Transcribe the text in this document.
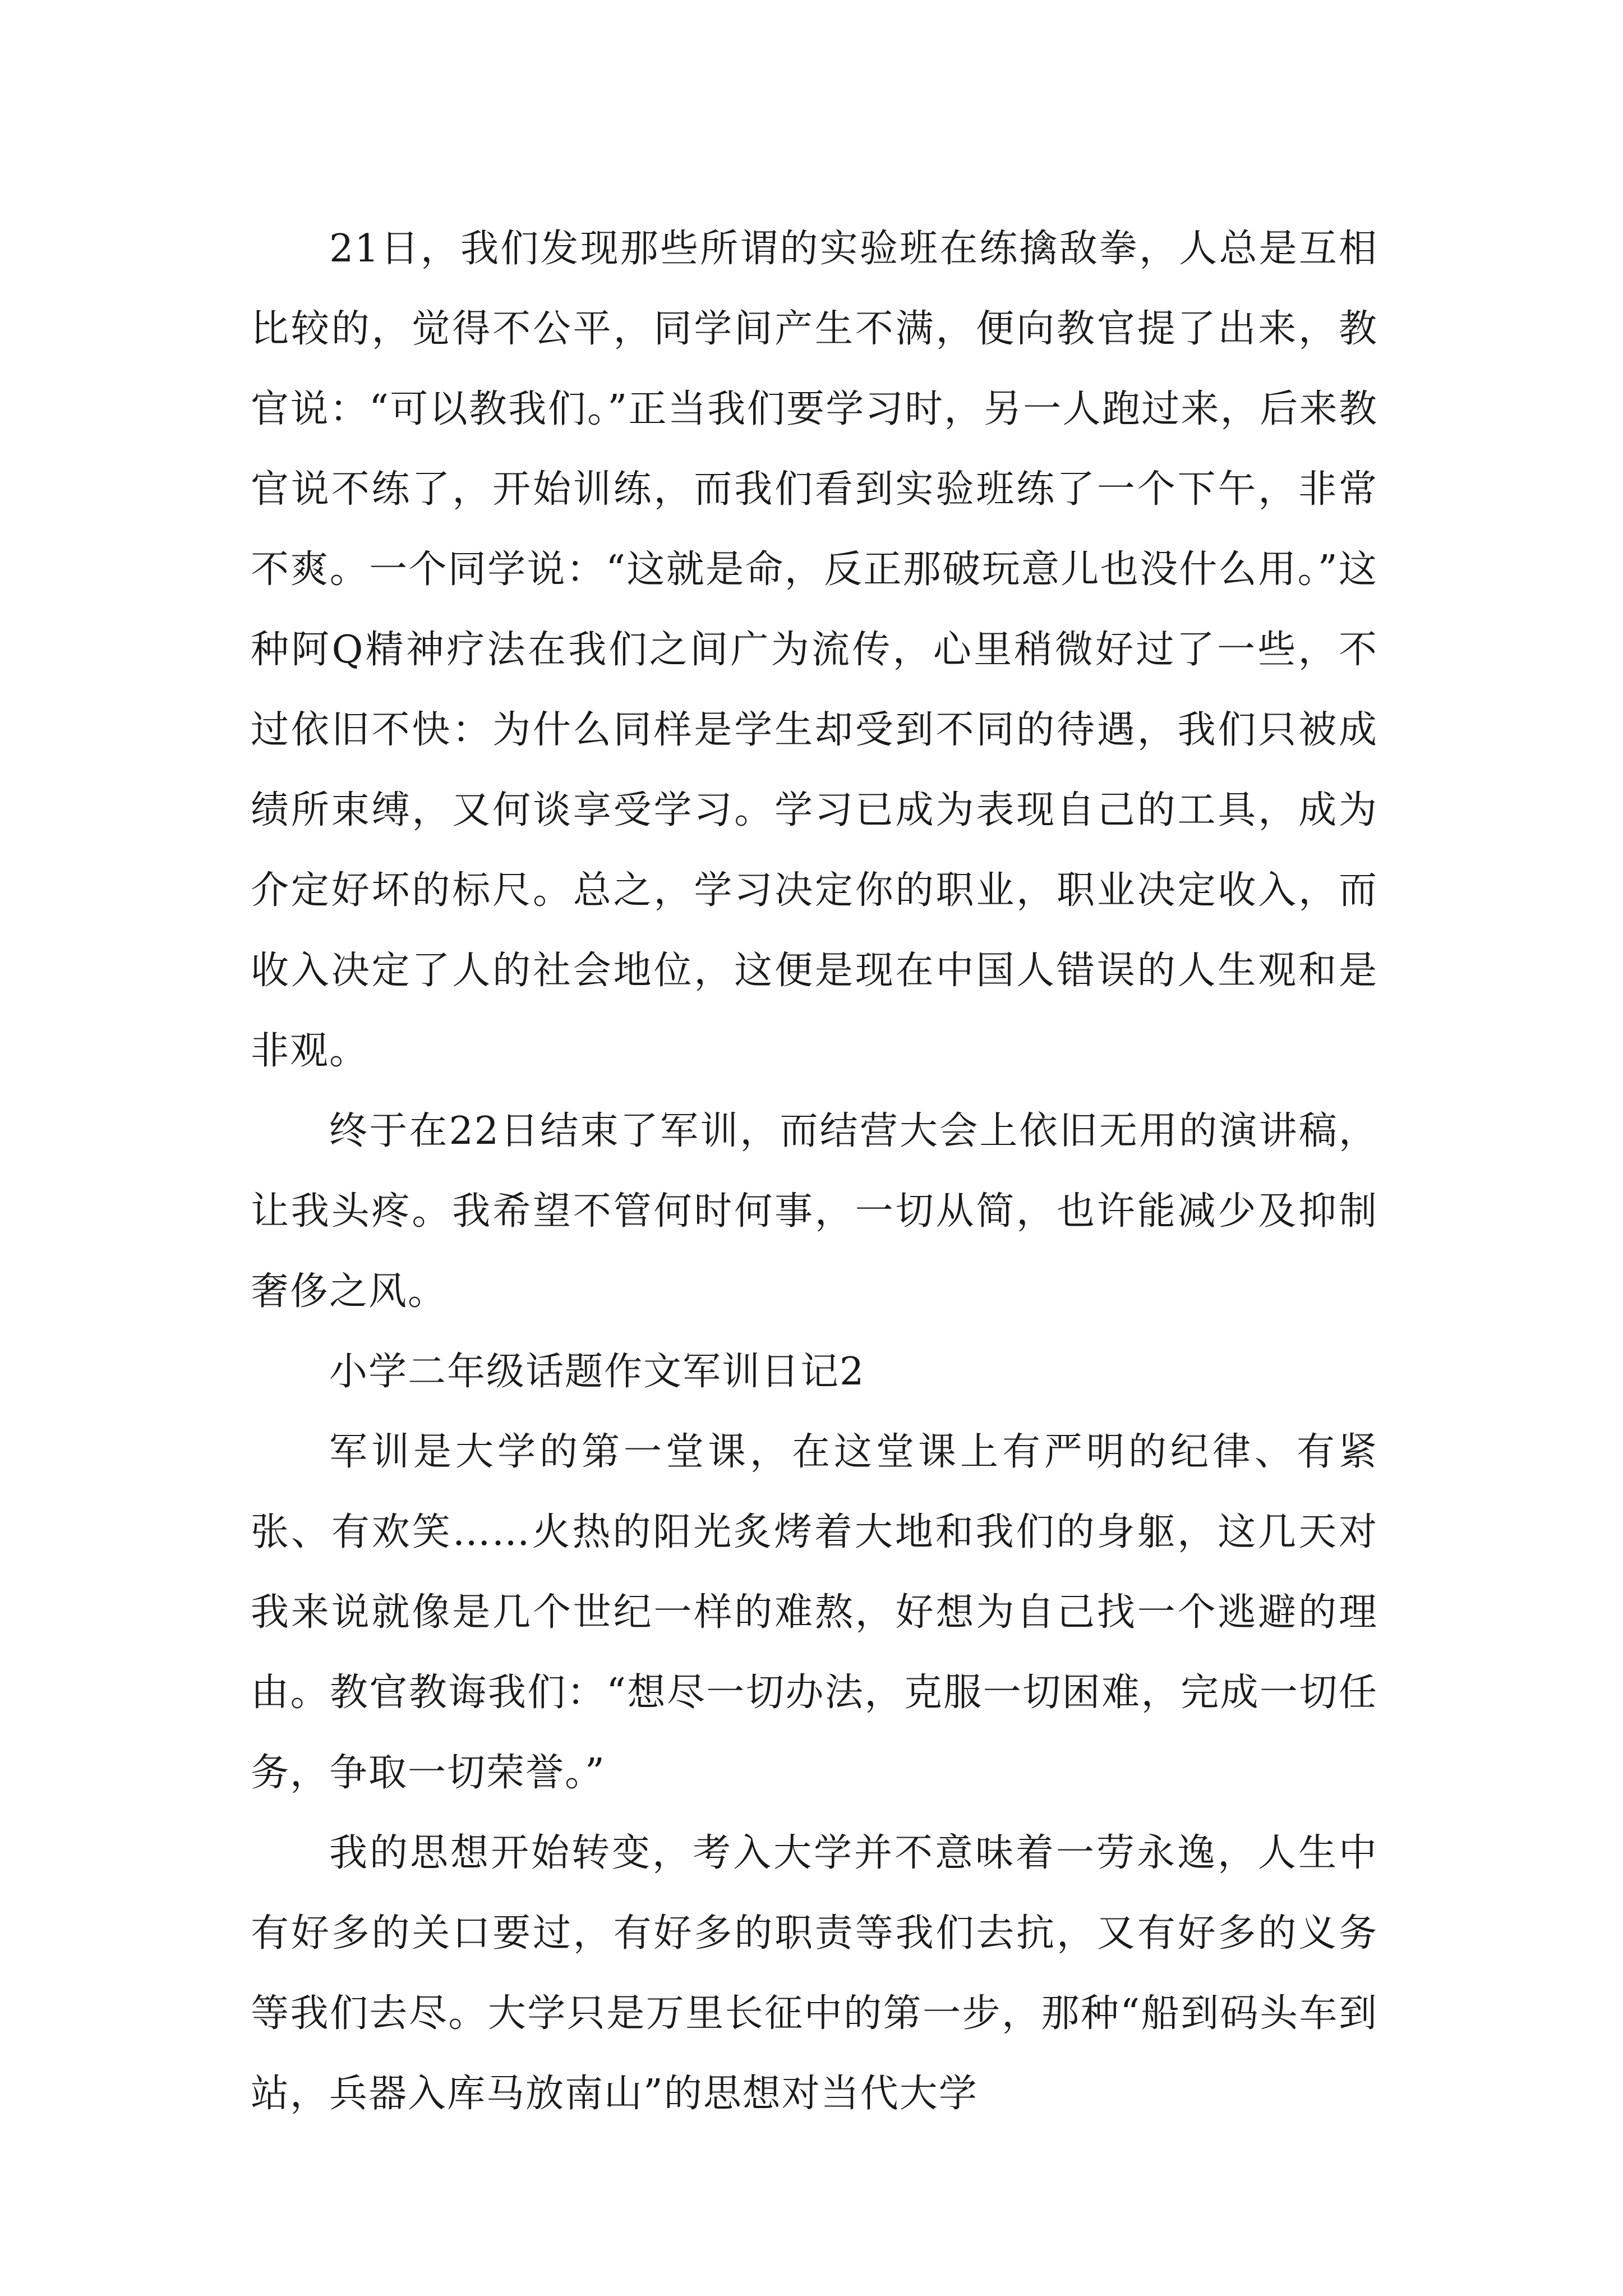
21日，我们发现那些所谓的实验班在练擒敌拳，人总是互相比较的，觉得不公平，同学间产生不满，便向教官提了出来，教官说：“可以教我们。”正当我们要学习时，另一人跑过来，后来教官说不练了，开始训练，而我们看到实验班练了一个下午，非常不爽。一个同学说：“这就是命，反正那破玩意儿也没什么用。”这种阿Q精神疗法在我们之间广为流传，心里稍微好过了一些，不过依旧不快：为什么同样是学生却受到不同的待遇，我们只被成绩所束缚，又何谈享受学习。学习已成为表现自己的工具，成为介定好坏的标尺。总之，学习决定你的职业，职业决定收入，而收入决定了人的社会地位，这便是现在中国人错误的人生观和是非观。

终于在22日结束了军训，而结营大会上依旧无用的演讲稿，让我头疼。我希望不管何时何事，一切从简，也许能减少及抑制奢侈之风。

小学二年级话题作文军训日记2

军训是大学的第一堂课，在这堂课上有严明的纪律、有紧张、有欢笑……火热的阳光炙烤着大地和我们的身躯，这几天对我来说就像是几个世纪一样的难熬，好想为自己找一个逃避的理由。教官教诲我们：“想尽一切办法，克服一切困难，完成一切任务，争取一切荣誉。”

我的思想开始转变，考入大学并不意味着一劳永逸，人生中有好多的关口要过，有好多的职责等我们去抗，又有好多的义务等我们去尽。大学只是万里长征中的第一步，那种“船到码头车到站，兵器入库马放南山”的思想对当代大学
